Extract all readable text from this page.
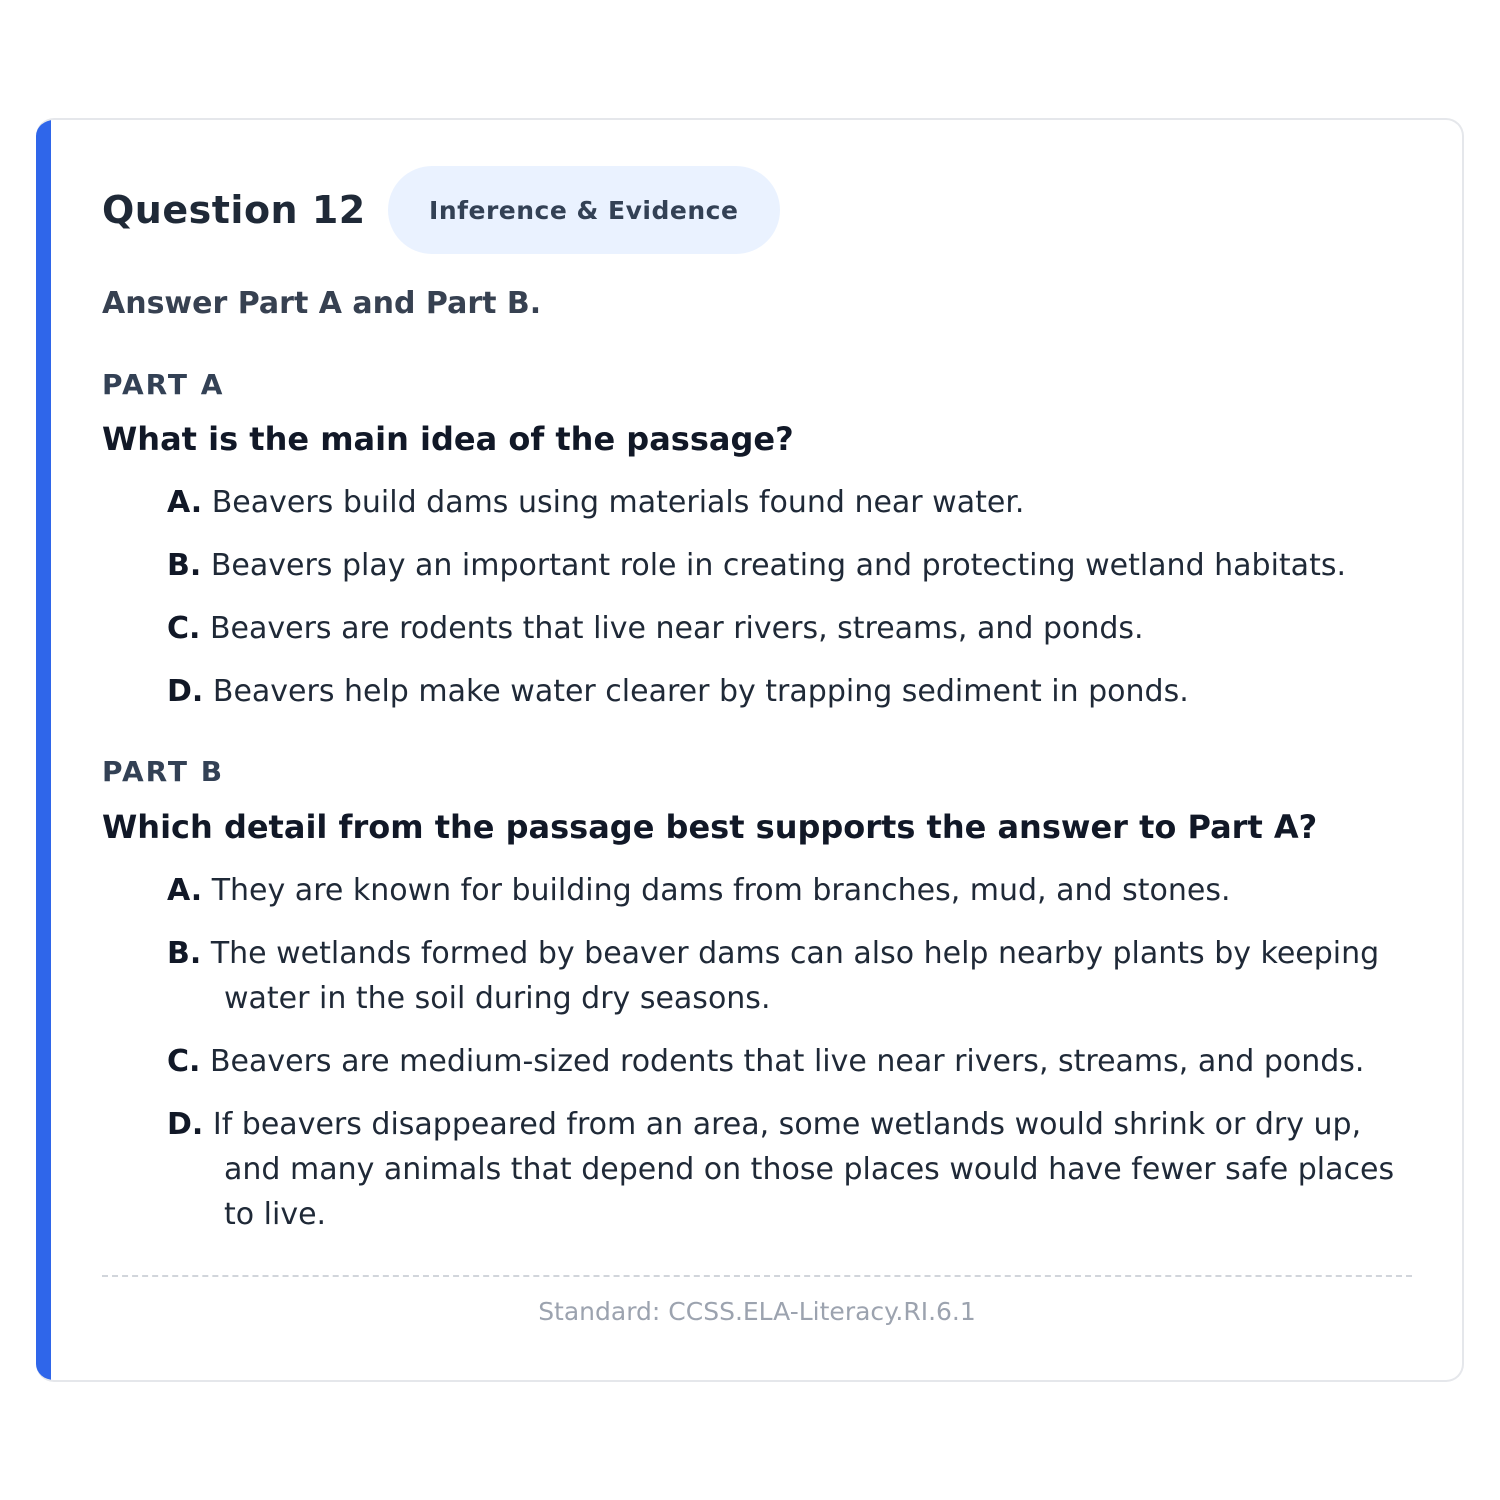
Question 12	Inference & Evidence
Answer Part A and Part B.
PART A
What is the main idea of the passage?
A. Beavers build dams using materials found near water.
B. Beavers play an important role in creating and protecting wetland habitats.
C. Beavers are rodents that live near rivers, streams, and ponds.
D. Beavers help make water clearer by trapping sediment in ponds.
PART B
Which detail from the passage best supports the answer to Part A?
A. They are known for building dams from branches, mud, and stones.
B. The wetlands formed by beaver dams can also help nearby plants by keeping water in the soil during dry seasons.
C. Beavers are medium-sized rodents that live near rivers, streams, and ponds.
D. If beavers disappeared from an area, some wetlands would shrink or dry up, and many animals that depend on those places would have fewer safe places to live.
Standard: CCSS.ELA-Literacy.RI.6.1
